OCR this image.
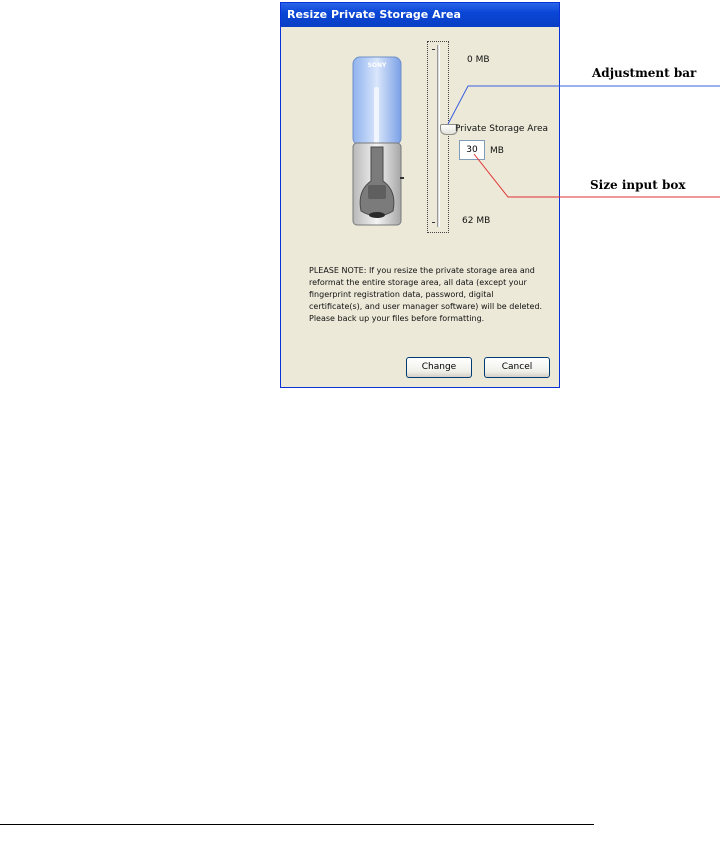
Resize Private Storage Area
SONY
0 MB
Private Storage Area
62 MB
30	MB
PLEASE NOTE: If you resize the private storage area and reformat the entire storage area, all data (except your fingerprint registration data, password, digital certificate(s), and user manager software) will be deleted. Please back up your files before formatting.
Change	Cancel
Adjustment bar
Size input box
